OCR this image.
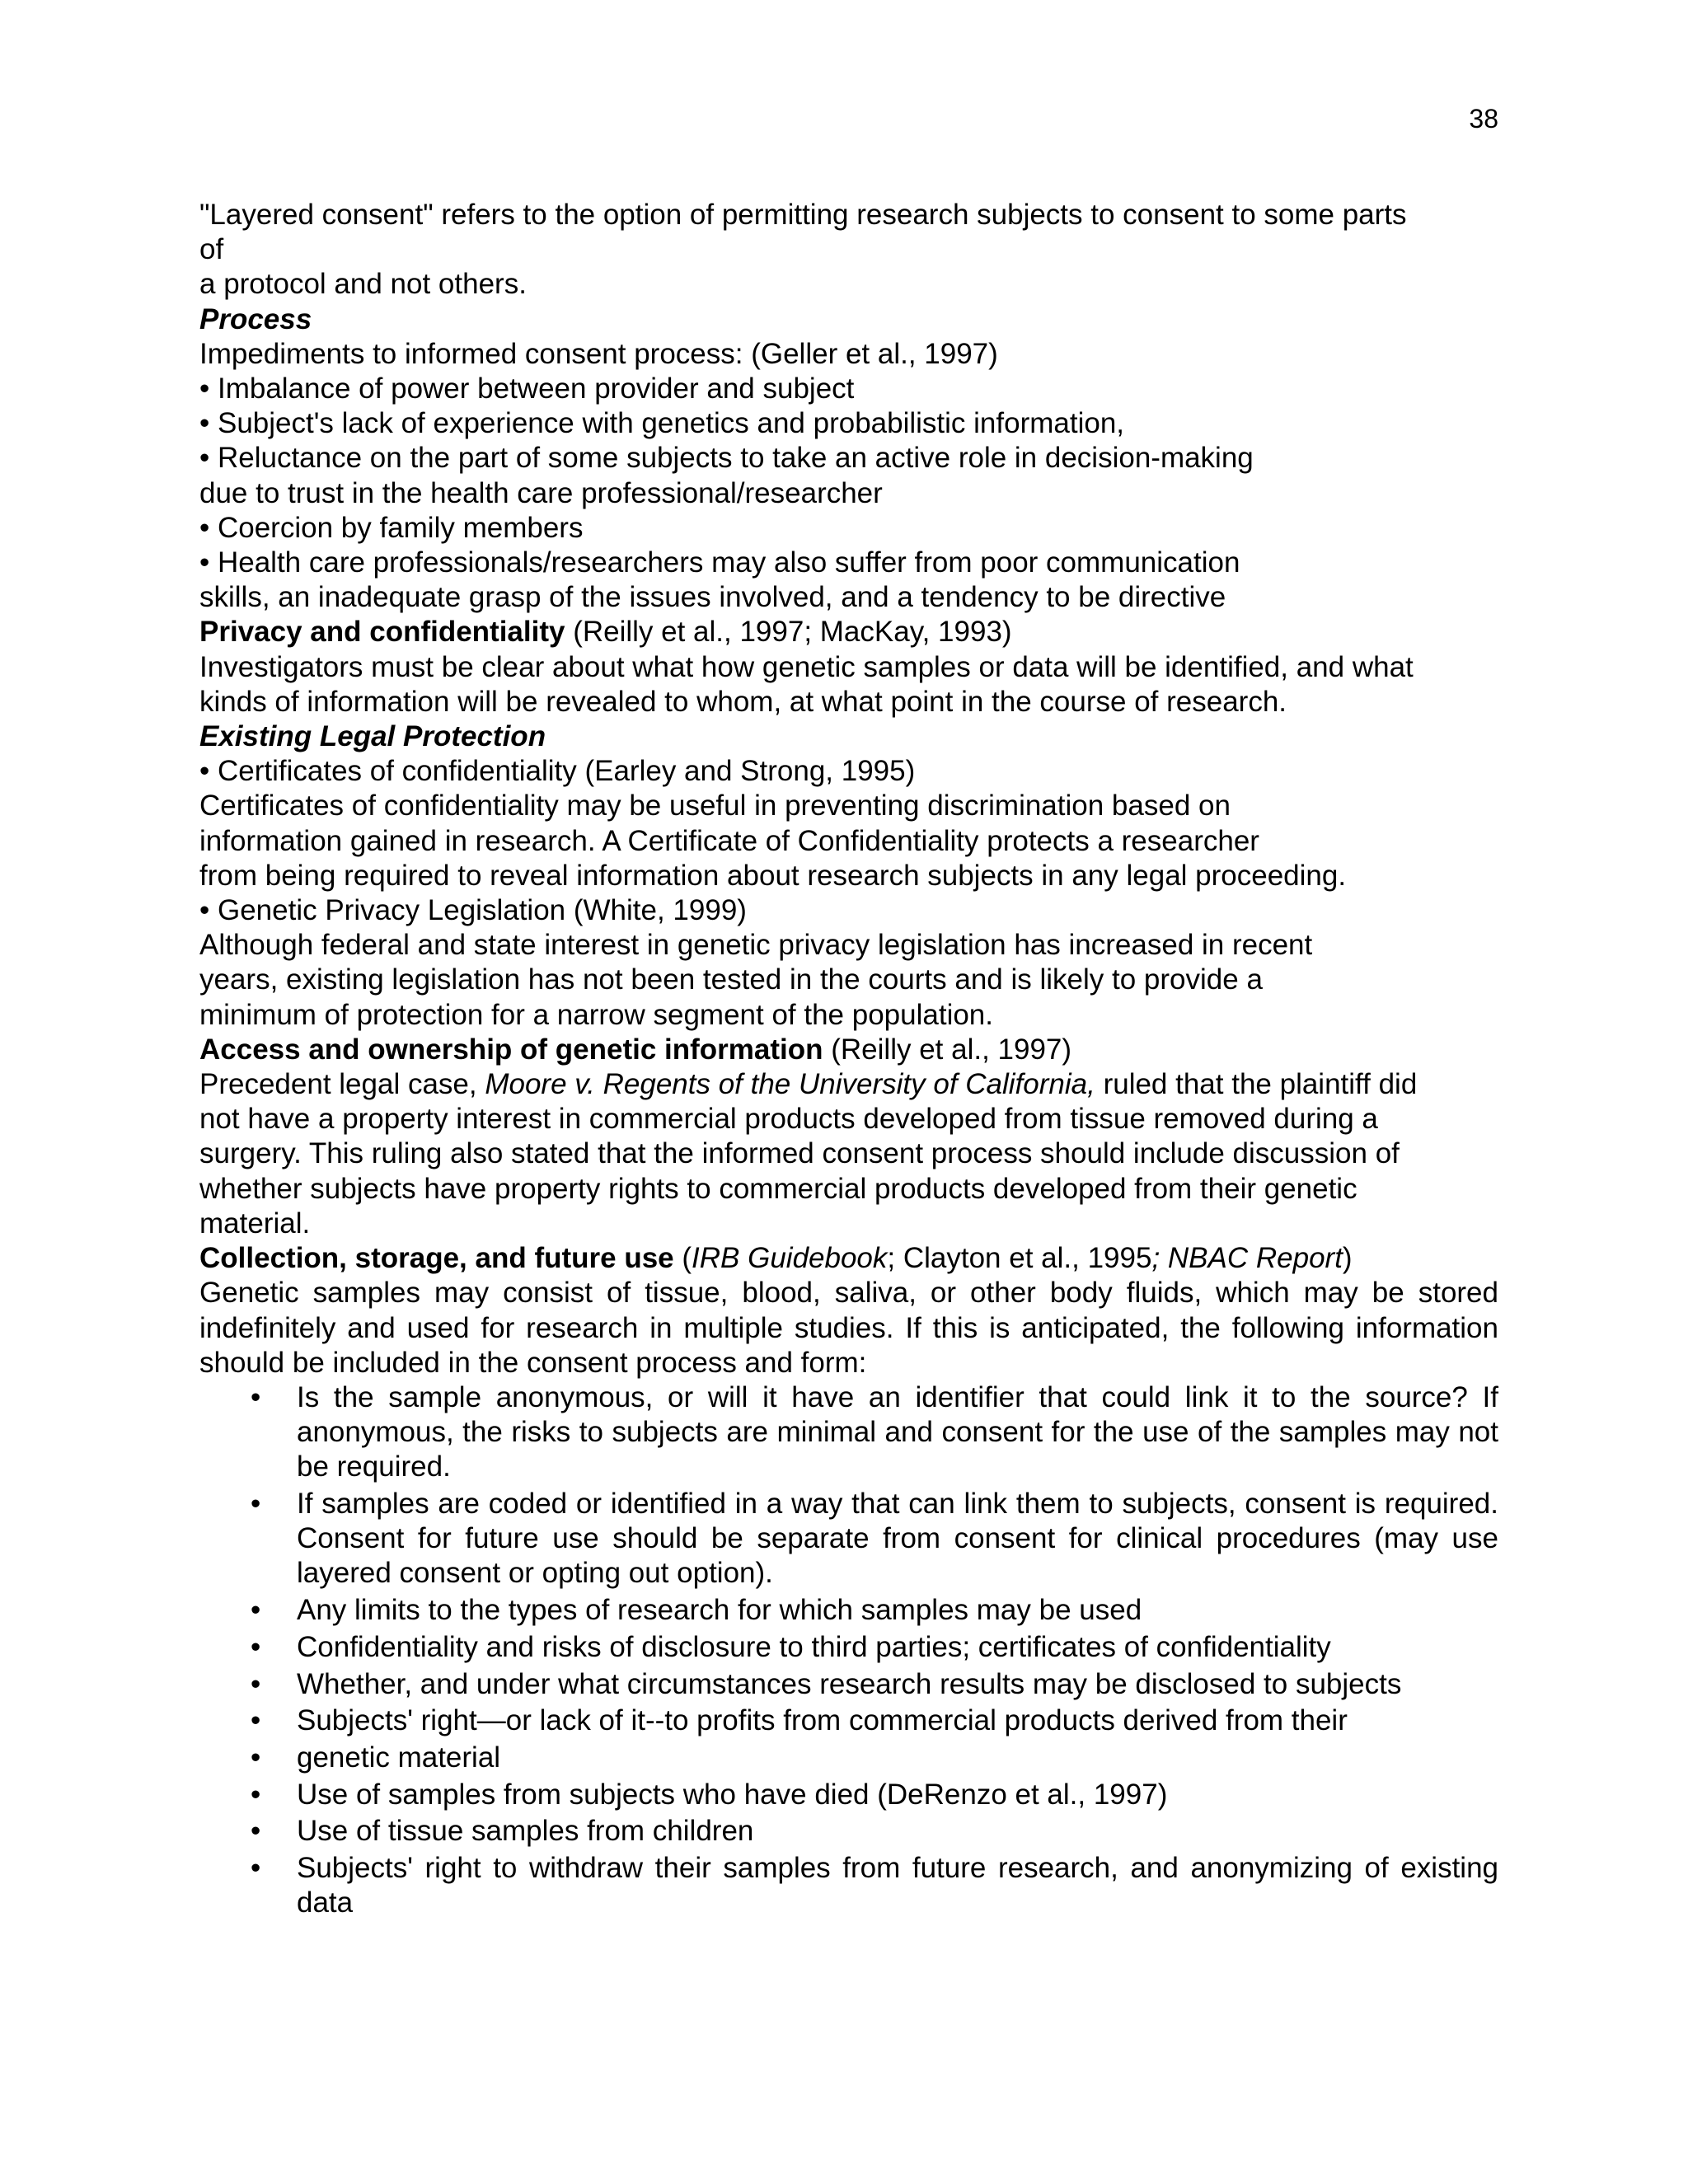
38
"Layered consent" refers to the option of permitting research subjects to consent to some parts
of
a protocol and not others.
Process
Impediments to informed consent process: (Geller et al., 1997)
• Imbalance of power between provider and subject
• Subject's lack of experience with genetics and probabilistic information,
• Reluctance on the part of some subjects to take an active role in decision-making
due to trust in the health care professional/researcher
• Coercion by family members
• Health care professionals/researchers may also suffer from poor communication
skills, an inadequate grasp of the issues involved, and a tendency to be directive
Privacy and confidentiality (Reilly et al., 1997; MacKay, 1993)
Investigators must be clear about what how genetic samples or data will be identified, and what
kinds of information will be revealed to whom, at what point in the course of research.
Existing Legal Protection
• Certificates of confidentiality (Earley and Strong, 1995)
Certificates of confidentiality may be useful in preventing discrimination based on
information gained in research. A Certificate of Confidentiality protects a researcher
from being required to reveal information about research subjects in any legal proceeding.
• Genetic Privacy Legislation (White, 1999)
Although federal and state interest in genetic privacy legislation has increased in recent
years, existing legislation has not been tested in the courts and is likely to provide a
minimum of protection for a narrow segment of the population.
Access and ownership of genetic information (Reilly et al., 1997)
Precedent legal case, Moore v. Regents of the University of California, ruled that the plaintiff did
not have a property interest in commercial products developed from tissue removed during a
surgery. This ruling also stated that the informed consent process should include discussion of
whether subjects have property rights to commercial products developed from their genetic
material.
Collection, storage, and future use (IRB Guidebook; Clayton et al., 1995; NBAC Report)
Genetic samples may consist of tissue, blood, saliva, or other body fluids, which may be stored indefinitely and used for research in multiple studies. If this is anticipated, the following information should be included in the consent process and form:
• Is the sample anonymous, or will it have an identifier that could link it to the source? If anonymous, the risks to subjects are minimal and consent for the use of the samples may not be required.
• If samples are coded or identified in a way that can link them to subjects, consent is required. Consent for future use should be separate from consent for clinical procedures (may use layered consent or opting out option).
• Any limits to the types of research for which samples may be used
• Confidentiality and risks of disclosure to third parties; certificates of confidentiality
• Whether, and under what circumstances research results may be disclosed to subjects
• Subjects' right—or lack of it--to profits from commercial products derived from their
• genetic material
• Use of samples from subjects who have died (DeRenzo et al., 1997)
• Use of tissue samples from children
• Subjects' right to withdraw their samples from future research, and anonymizing of existing data
